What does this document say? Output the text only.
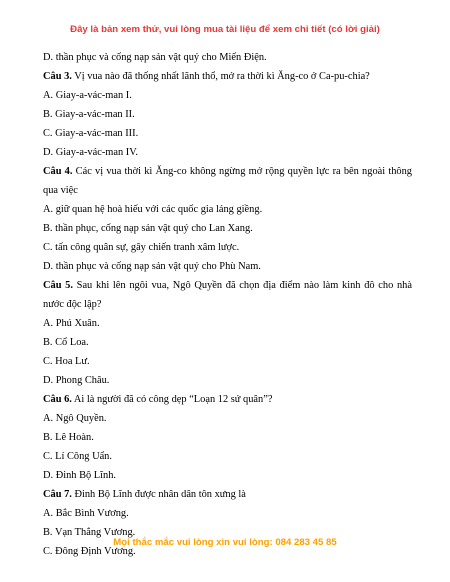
Đây là bản xem thử, vui lòng mua tài liệu để xem chi tiết (có lời giải)

D. thần phục và cống nạp sản vật quý cho Miến Điện.

Câu 3. Vị vua nào đã thống nhất lãnh thổ, mở ra thời kì Ăng-co ở Ca-pu-chia?

A. Giay-a-vác-man I.

B. Giay-a-vác-man II.

C. Giay-a-vác-man III.

D. Giay-a-vác-man IV.

Câu 4. Các vị vua thời kì Ăng-co không ngừng mở rộng quyền lực ra bên ngoài thông qua việc

A. giữ quan hệ hoà hiếu với các quốc gia láng giềng.

B. thần phục, cống nạp sản vật quý cho Lan Xang.

C. tấn công quân sự, gây chiến tranh xâm lược.

D. thần phục và cống nạp sản vật quý cho Phù Nam.

Câu 5. Sau khi lên ngôi vua, Ngô Quyền đã chọn địa điểm nào làm kinh đô cho nhà nước độc lập?

A. Phú Xuân.

B. Cổ Loa.

C. Hoa Lư.

D. Phong Châu.

Câu 6. Ai là người đã có công dẹp “Loạn 12 sứ quân”?

A. Ngô Quyền.

B. Lê Hoàn.

C. Lí Công Uẩn.

D. Đinh Bộ Lĩnh.

Câu 7. Đinh Bộ Lĩnh được nhân dân tôn xưng là

A. Bắc Bình Vương.

B. Vạn Thắng Vương.

C. Đông Định Vương.

Mọi thắc mắc vui lòng xin vui lòng: 084 283 45 85
